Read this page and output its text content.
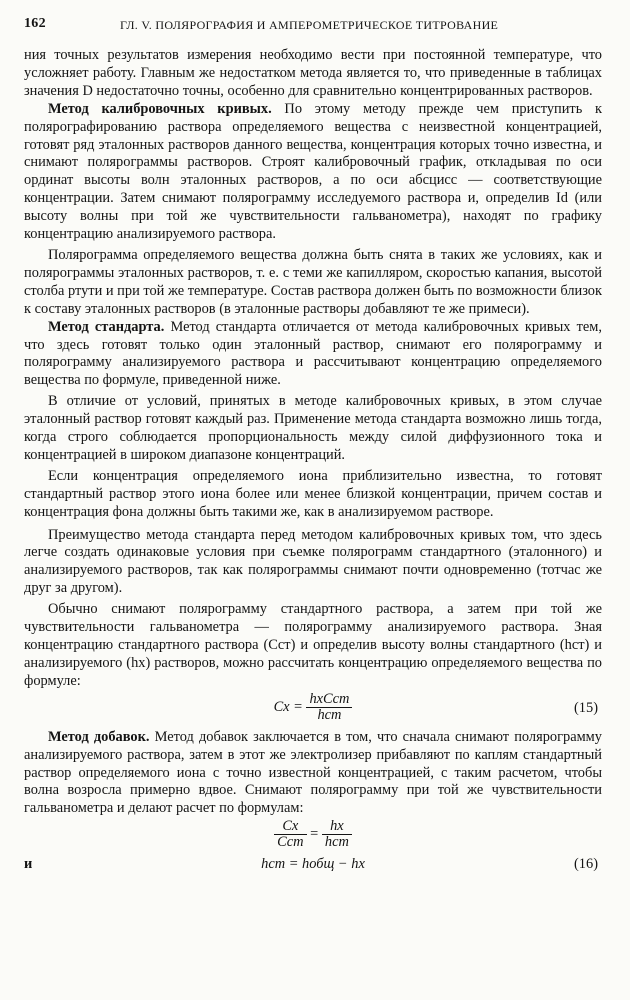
162	ГЛ. V. ПОЛЯРОГРАФИЯ И АМПЕРОМЕТРИЧЕСКОЕ ТИТРОВАНИЕ

ния точных результатов измерения необходимо вести при постоянной температуре, что усложняет работу. Главным же недостатком метода является то, что приведенные в таблицах значения D недостаточно точны, особенно для сравнительно концентрированных растворов.

Метод калибровочных кривых. По этому методу прежде чем приступить к полярографированию раствора определяемого вещества с неизвестной концентрацией, готовят ряд эталонных растворов данного вещества, концентрация которых точно известна, и снимают полярограммы растворов. Строят калибровочный график, откладывая по оси ординат высоты волн эталонных растворов, а по оси абсцисс — соответствующие концентрации. Затем снимают полярограмму исследуемого раствора и, определив Id (или высоту волны при той же чувствительности гальванометра), находят по графику концентрацию анализируемого раствора.

Полярограмма определяемого вещества должна быть снята в таких же условиях, как и полярограммы эталонных растворов, т. е. с теми же капилляром, скоростью капания, высотой столба ртути и при той же температуре. Состав раствора должен быть по возможности близок к составу эталонных растворов (в эталонные растворы добавляют те же примеси).

Метод стандарта. Метод стандарта отличается от метода калибровочных кривых тем, что здесь готовят только один эталонный раствор, снимают его полярограмму и полярограмму анализируемого раствора и рассчитывают концентрацию определяемого вещества по формуле, приведенной ниже.

В отличие от условий, принятых в методе калибровочных кривых, в этом случае эталонный раствор готовят каждый раз. Применение метода стандарта возможно лишь тогда, когда строго соблюдается пропорциональность между силой диффузионного тока и концентрацией в широком диапазоне концентраций.

Если концентрация определяемого иона приблизительно известна, то готовят стандартный раствор этого иона более или менее близкой концентрации, причем состав и концентрация фона должны быть такими же, как в анализируемом растворе.

Преимущество метода стандарта перед методом калибровочных кривых том, что здесь легче создать одинаковые условия при съемке полярограмм стандартного (эталонного) и анализируемого растворов, так как полярограммы снимают почти одновременно (тотчас же друг за другом).

Обычно снимают полярограмму стандартного раствора, а затем при той же чувствительности гальванометра — полярограмму анализируемого раствора. Зная концентрацию стандартного раствора (Cст) и определив высоту волны стандартного (hст) и анализируемого (hx) растворов, можно рассчитать концентрацию определяемого вещества по формуле:

$Cx = \frac{\text{hxCст}}{\text{hст}}$	(15)

Метод добавок. Метод добавок заключается в том, что сначала снимают полярограмму анализируемого раствора, затем в этот же электролизер прибавляют по каплям стандартный раствор определяемого иона с точно известной концентрацией, с таким расчетом, чтобы волна возросла примерно вдвое. Снимают полярограмму при той же чувствительности гальванометра и делают расчет по формулам:

$\frac{Cx}{\text{Cст}} = \frac{hx}{\text{hст}}$
и	hст = hобщ − hx	(16)
